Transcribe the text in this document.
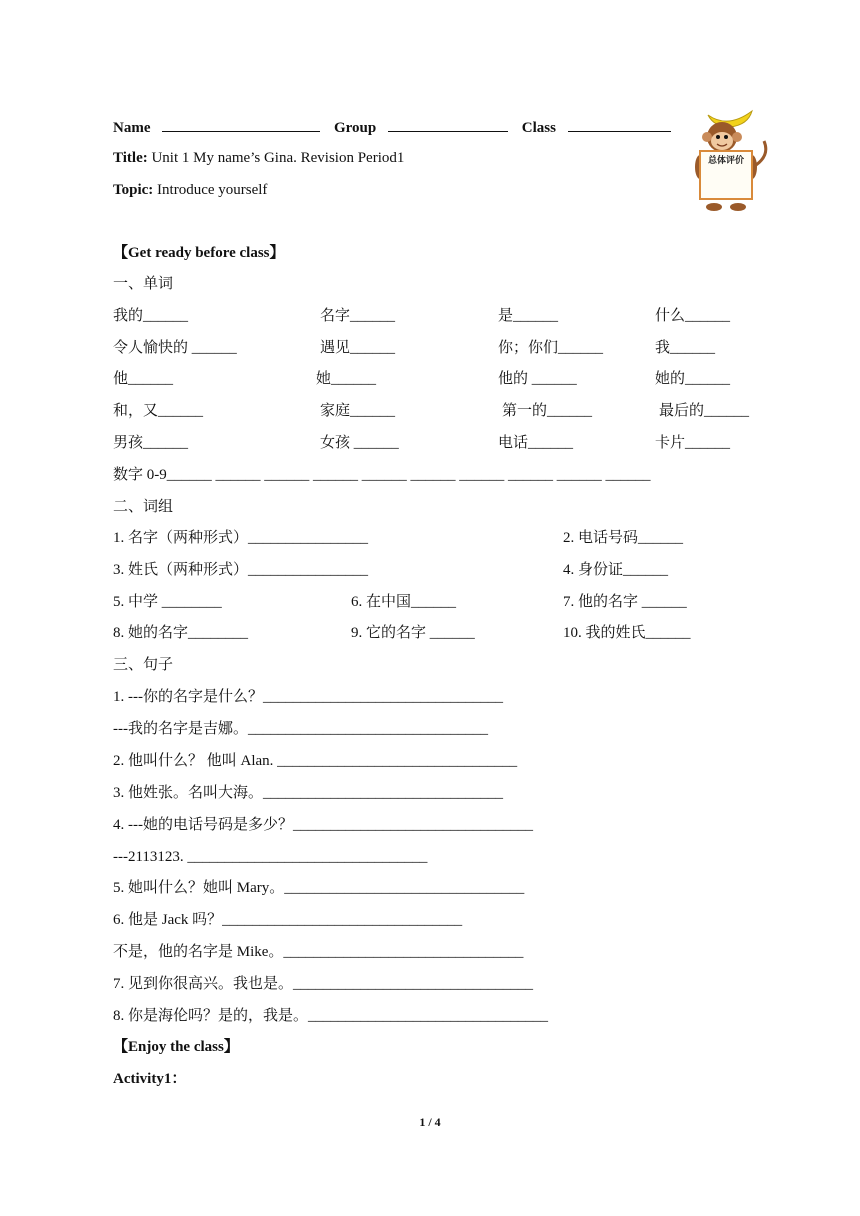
Name	Group	Class
Title: Unit 1 My name’s Gina. Revision Period1
Topic: Introduce yourself
总体评价
【Get ready before class】
一、单词
我的______	名字______	是______	什么______
令人愉快的 ______	遇见______	你；你们______	我______
他______	她______	他的 ______	她的______
和，又______	家庭______	第一的______	最后的______
男孩______	女孩 ______	电话______	卡片______
数字 0-9______ ______ ______ ______ ______ ______ ______ ______ ______ ______
二、词组
1. 名字（两种形式）________________	2. 电话号码______
3. 姓氏（两种形式）________________	4. 身份证______
5. 中学 ________	6. 在中国______	7. 他的名字 ______
8. 她的名字________	9. 它的名字 ______	10. 我的姓氏______
三、句子
1. ---你的名字是什么？________________________________
---我的名字是吉娜。________________________________
2. 他叫什么？ 他叫 Alan. ________________________________
3. 他姓张。名叫大海。________________________________
4. ---她的电话号码是多少？________________________________
---2113123. ________________________________
5. 她叫什么？她叫 Mary。________________________________
6. 他是 Jack 吗？________________________________
不是，他的名字是 Mike。________________________________
7. 见到你很高兴。我也是。________________________________
8. 你是海伦吗？是的，我是。________________________________
【Enjoy the class】
Activity1：
1 / 4
